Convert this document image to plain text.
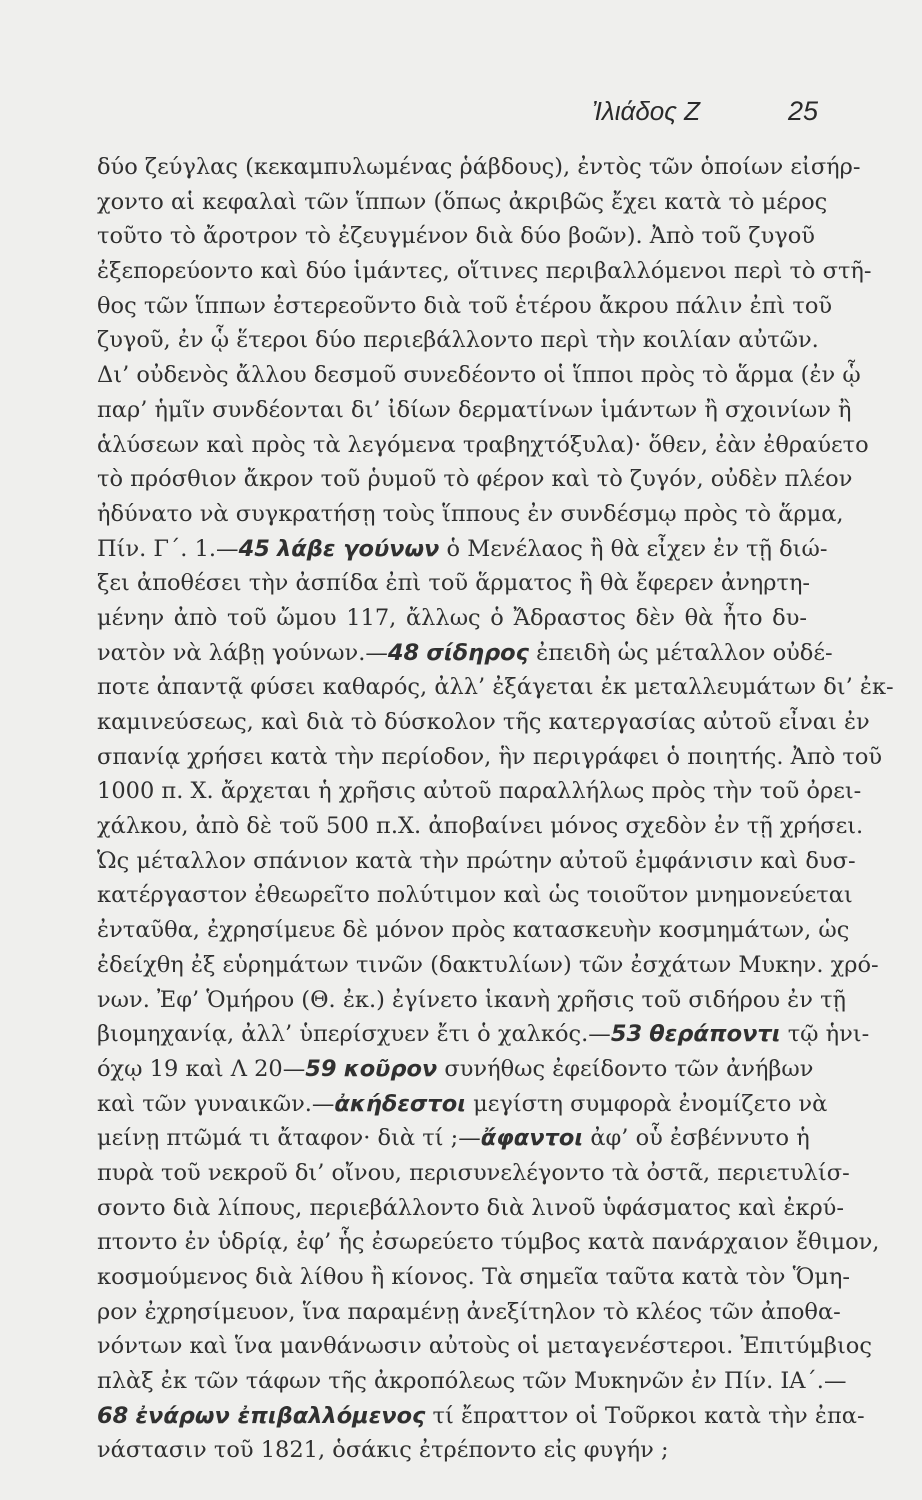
Ἰλιάδος Ζ	25
δύο ζεύγλας (κεκαμπυλωμένας ῥάβδους), ἐντὸς τῶν ὁποίων εἰσήρ-
χοντο αἱ κεφαλαὶ τῶν ἵππων (ὅπως ἀκριβῶς ἔχει κατὰ τὸ μέρος
τοῦτο τὸ ἄροτρον τὸ ἐζευγμένον διὰ δύο βοῶν). Ἀπὸ τοῦ ζυγοῦ
ἐξεπορεύοντο καὶ δύο ἱμάντες, οἵτινες περιβαλλόμενοι περὶ τὸ στῆ-
θος τῶν ἵππων ἐστερεοῦντο διὰ τοῦ ἑτέρου ἄκρου πάλιν ἐπὶ τοῦ
ζυγοῦ, ἐν ᾧ ἕτεροι δύο περιεβάλλοντο περὶ τὴν κοιλίαν αὐτῶν.
Δι’ οὐδενὸς ἄλλου δεσμοῦ συνεδέοντο οἱ ἵπποι πρὸς τὸ ἅρμα (ἐν ᾧ
παρ’ ἡμῖν συνδέονται δι’ ἰδίων δερματίνων ἱμάντων ἢ σχοινίων ἢ
ἁλύσεων καὶ πρὸς τὰ λεγόμενα τραβηχτόξυλα)· ὅθεν, ἐὰν ἐθραύετο
τὸ πρόσθιον ἄκρον τοῦ ῥυμοῦ τὸ φέρον καὶ τὸ ζυγόν, οὐδὲν πλέον
ἠδύνατο νὰ συγκρατήσῃ τοὺς ἵππους ἐν συνδέσμῳ πρὸς τὸ ἅρμα,
Πίν. Γ΄. 1.—45 λάβε γούνων ὁ Μενέλαος ἢ θὰ εἶχεν ἐν τῇ διώ-
ξει ἀποθέσει τὴν ἀσπίδα ἐπὶ τοῦ ἅρματος ἢ θὰ ἔφερεν ἀνηρτη-
μένην ἀπὸ τοῦ ὤμου 117, ἄλλως ὁ Ἄδραστος δὲν θὰ ἦτο δυ-
νατὸν νὰ λάβῃ γούνων.—48 σίδηρος ἐπειδὴ ὡς μέταλλον οὐδέ-
ποτε ἀπαντᾷ φύσει καθαρός, ἀλλ’ ἐξάγεται ἐκ μεταλλευμάτων δι’ ἐκ-
καμινεύσεως, καὶ διὰ τὸ δύσκολον τῆς κατεργασίας αὐτοῦ εἶναι ἐν
σπανίᾳ χρήσει κατὰ τὴν περίοδον, ἣν περιγράφει ὁ ποιητής. Ἀπὸ τοῦ
1000 π. Χ. ἄρχεται ἡ χρῆσις αὐτοῦ παραλλήλως πρὸς τὴν τοῦ ὀρει-
χάλκου, ἀπὸ δὲ τοῦ 500 π.Χ. ἀποβαίνει μόνος σχεδὸν ἐν τῇ χρήσει.
Ὡς μέταλλον σπάνιον κατὰ τὴν πρώτην αὐτοῦ ἐμφάνισιν καὶ δυσ-
κατέργαστον ἐθεωρεῖτο πολύτιμον καὶ ὡς τοιοῦτον μνημονεύεται
ἐνταῦθα, ἐχρησίμευε δὲ μόνον πρὸς κατασκευὴν κοσμημάτων, ὡς
ἐδείχθη ἐξ εὑρημάτων τινῶν (δακτυλίων) τῶν ἐσχάτων Μυκην. χρό-
νων. Ἐφ’ Ὁμήρου (Θ. ἐκ.) ἐγίνετο ἱκανὴ χρῆσις τοῦ σιδήρου ἐν τῇ
βιομηχανίᾳ, ἀλλ’ ὑπερίσχυεν ἔτι ὁ χαλκός.—53 θεράποντι τῷ ἡνι-
όχῳ 19 καὶ Λ 20—59 κοῦρον συνήθως ἐφείδοντο τῶν ἀνήβων
καὶ τῶν γυναικῶν.—ἀκήδεστοι μεγίστη συμφορὰ ἐνομίζετο νὰ
μείνῃ πτῶμά τι ἄταφον· διὰ τί ;—ἄφαντοι ἀφ’ οὗ ἐσβέννυτο ἡ
πυρὰ τοῦ νεκροῦ δι’ οἴνου, περισυνελέγοντο τὰ ὀστᾶ, περιετυλίσ-
σοντο διὰ λίπους, περιεβάλλοντο διὰ λινοῦ ὑφάσματος καὶ ἐκρύ-
πτοντο ἐν ὑδρίᾳ, ἐφ’ ἧς ἐσωρεύετο τύμβος κατὰ πανάρχαιον ἔθιμον,
κοσμούμενος διὰ λίθου ἢ κίονος. Τὰ σημεῖα ταῦτα κατὰ τὸν Ὅμη-
ρον ἐχρησίμευον, ἵνα παραμένῃ ἀνεξίτηλον τὸ κλέος τῶν ἀποθα-
νόντων καὶ ἵνα μανθάνωσιν αὐτοὺς οἱ μεταγενέστεροι. Ἐπιτύμβιος
πλὰξ ἐκ τῶν τάφων τῆς ἀκροπόλεως τῶν Μυκηνῶν ἐν Πίν. ΙΑ΄.—
68 ἐνάρων ἐπιβαλλόμενος τί ἔπραττον οἱ Τοῦρκοι κατὰ τὴν ἐπα-
νάστασιν τοῦ 1821, ὁσάκις ἐτρέποντο εἰς φυγήν ;
